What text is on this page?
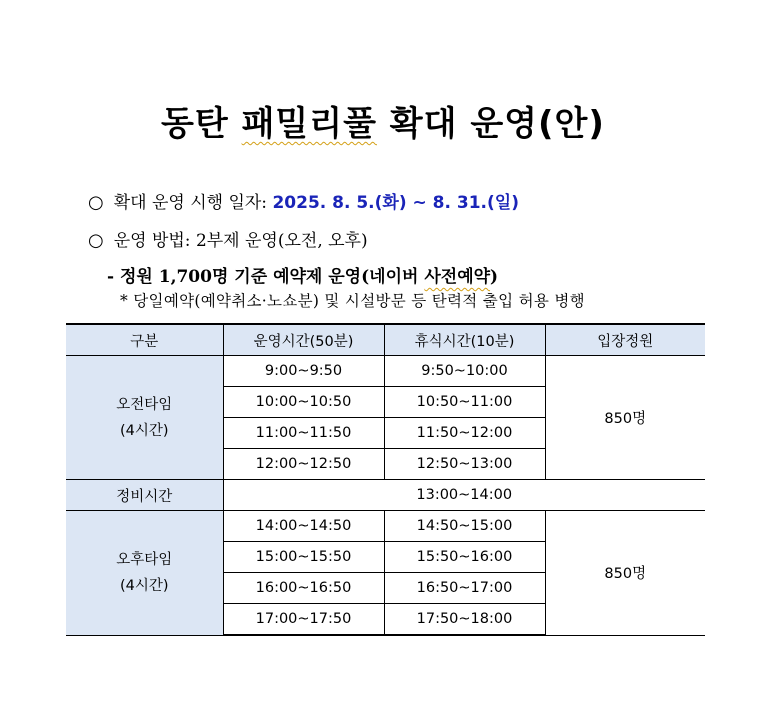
동탄 패밀리풀 확대 운영(안)
○ 확대 운영 시행 일자: 2025. 8. 5.(화) ~ 8. 31.(일)
○ 운영 방법: 2부제 운영(오전, 오후)
- 정원 1,700명 기준 예약제 운영(네이버 사전예약)
* 당일예약(예약취소·노쇼분) 및 시설방문 등 탄력적 출입 허용 병행
구분	운영시간(50분)	휴식시간(10분)	입장정원

오전타임
(4시간)	9:00~9:50	9:50~10:00	850명
	10:00~10:50	10:50~11:00	
	11:00~11:50	11:50~12:00	
	12:00~12:50	12:50~13:00	
정비시간	13:00~14:00		

오후타임
(4시간)	14:00~14:50	14:50~15:00	850명
	15:00~15:50	15:50~16:00	
	16:00~16:50	16:50~17:00	
	17:00~17:50	17:50~18:00	
